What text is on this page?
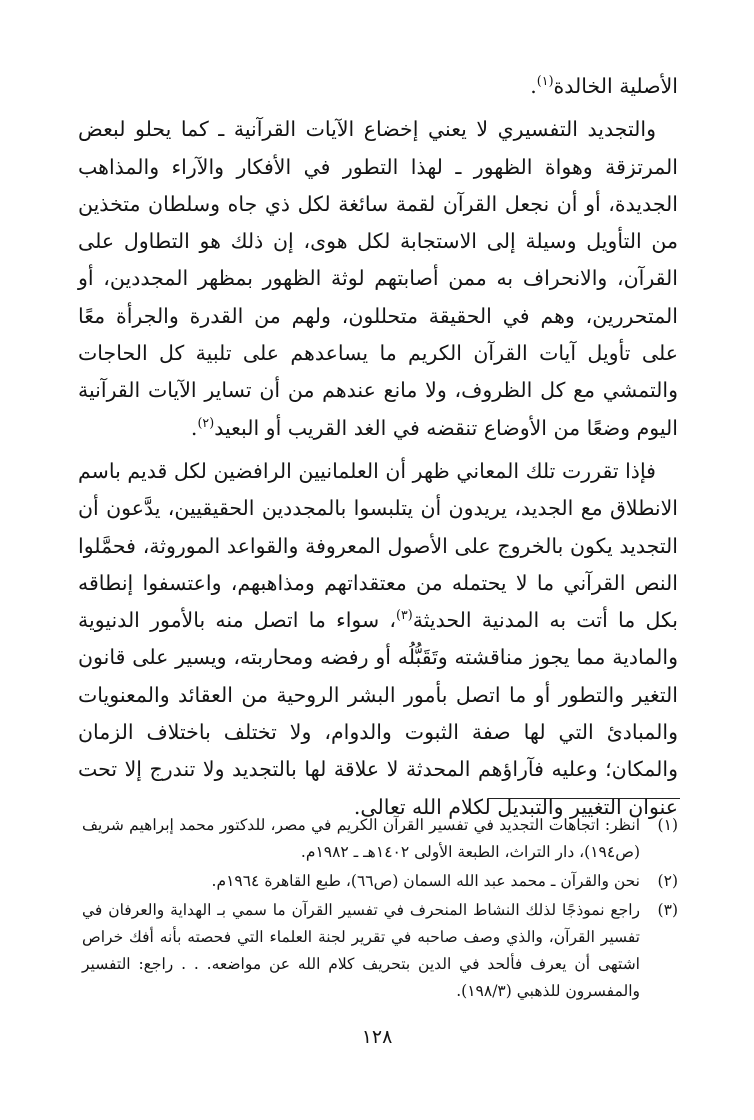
الأصلية الخالدة$^{(١)}$.

والتجديد التفسيري لا يعني إخضاع الآيات القرآنية ـ كما يحلو لبعض المرتزقة وهواة الظهور ـ لهذا التطور في الأفكار والآراء والمذاهب الجديدة، أو أن نجعل القرآن لقمة سائغة لكل ذي جاه وسلطان متخذين من التأويل وسيلة إلى الاستجابة لكل هوى، إن ذلك هو التطاول على القرآن، والانحراف به ممن أصابتهم لوثة الظهور بمظهر المجددين، أو المتحررين، وهم في الحقيقة متحللون، ولهم من القدرة والجرأة معًا على تأويل آيات القرآن الكريم ما يساعدهم على تلبية كل الحاجات والتمشي مع كل الظروف، ولا مانع عندهم من أن تساير الآيات القرآنية اليوم وضعًا من الأوضاع تنقضه في الغد القريب أو البعيد$^{(٢)}$.

فإذا تقررت تلك المعاني ظهر أن العلمانيين الرافضين لكل قديم باسم الانطلاق مع الجديد، يريدون أن يتلبسوا بالمجددين الحقيقيين، يدَّعون أن التجديد يكون بالخروج على الأصول المعروفة والقواعد الموروثة، فحمَّلوا النص القرآني ما لا يحتمله من معتقداتهم ومذاهبهم، واعتسفوا إنطاقه بكل ما أتت به المدنية الحديثة$^{(٣)}$، سواء ما اتصل منه بالأمور الدنيوية والمادية مما يجوز مناقشته وتَقَبُّلُه أو رفضه ومحاربته، ويسير على قانون التغير والتطور أو ما اتصل بأمور البشر الروحية من العقائد والمعنويات والمبادئ التي لها صفة الثبوت والدوام، ولا تختلف باختلاف الزمان والمكان؛ وعليه فآراؤهم المحدثة لا علاقة لها بالتجديد ولا تندرج إلا تحت عنوان التغيير والتبديل لكلام الله تعالى.

(١)
انظر: اتجاهات التجديد في تفسير القرآن الكريم في مصر، للدكتور محمد إبراهيم شريف (ص١٩٤)، دار التراث، الطبعة الأولى ١٤٠٢هـ ـ ١٩٨٢م.
(٢)
نحن والقرآن ـ محمد عبد الله السمان (ص٦٦)، طبع القاهرة ١٩٦٤م.
(٣)
راجع نموذجًا لذلك النشاط المنحرف في تفسير القرآن ما سمي بـ الهداية والعرفان في تفسير القرآن، والذي وصف صاحبه في تقرير لجنة العلماء التي فحصته بأنه أفك خراص اشتهى أن يعرف فألحد في الدين بتحريف كلام الله عن مواضعه. . . راجع: التفسير والمفسرون للذهبي (١٩٨/٣).
١٢٨
